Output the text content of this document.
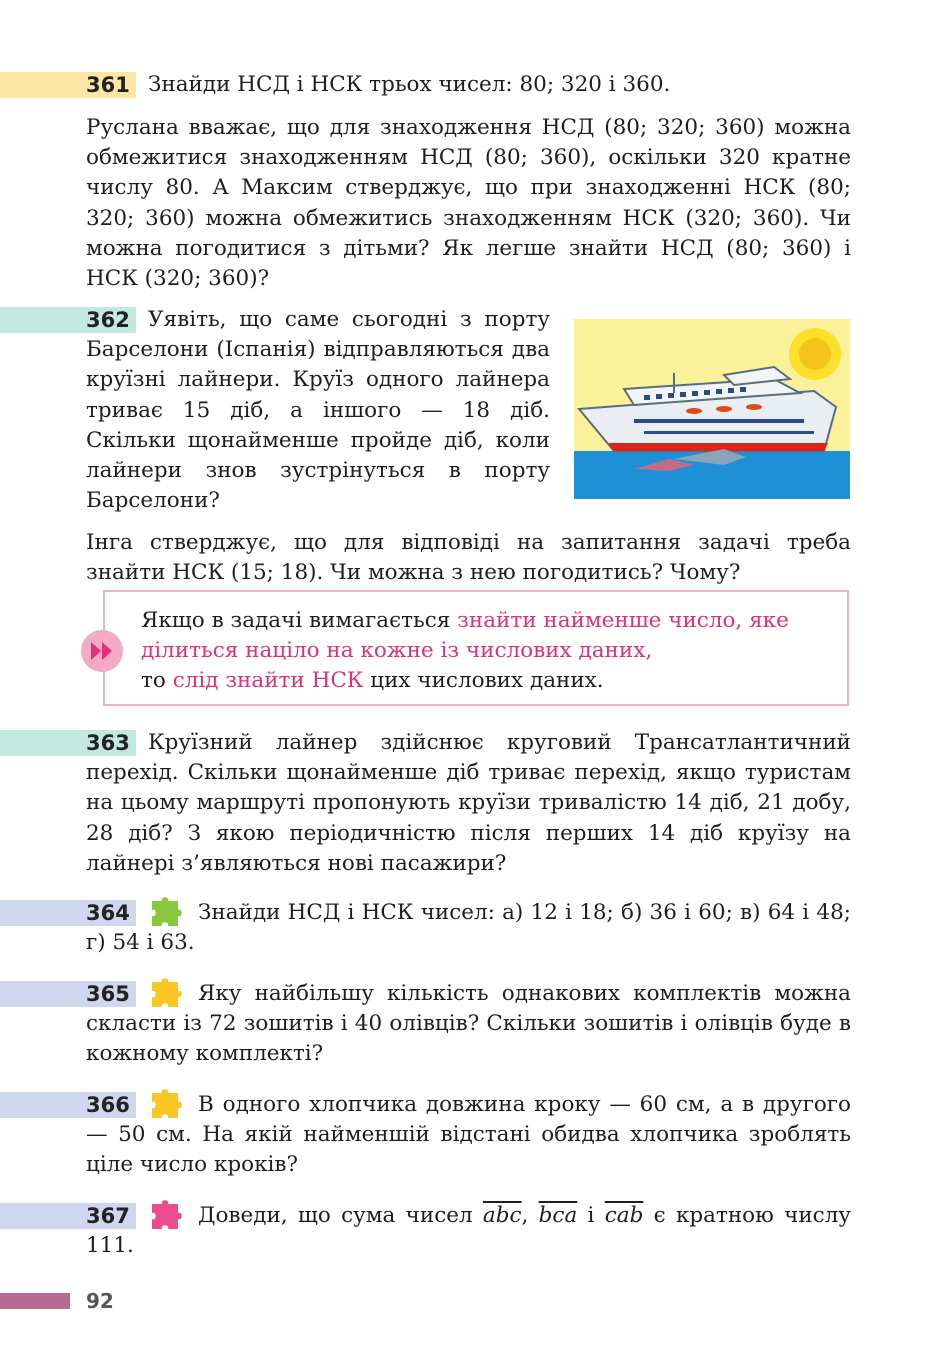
361 Знайди НСД і НСК трьох чисел: 80; 320 і 360.
Руслана вважає, що для знаходження НСД (80; 320; 360) можна обмежитися знаходженням НСД (80; 360), оскільки 320 кратне числу 80. А Максим стверджує, що при знаходженні НСК (80; 320; 360) можна обмежитись знаходженням НСК (320; 360). Чи можна погодитися з дітьми? Як легше знайти НСД (80; 360) і НСК (320; 360)?
362 Уявіть, що саме сьогодні з порту Барселони (Іспанія) відправляються два круїзні лайнери. Круїз одного лайнера триває 15 діб, а іншого — 18 діб. Скільки щонайменше пройде діб, коли лайнери знов зустрінуться в порту Барселони?
Інга стверджує, що для відповіді на запитання задачі треба знайти НСК (15; 18). Чи можна з нею погодитись? Чому?
Якщо в задачі вимагається знайти найменше число, яке ділиться націло на кожне із числових даних,
то слід знайти НСК цих числових даних.
363 Круїзний лайнер здійснює круговий Трансатлантичний перехід. Скільки щонайменше діб триває перехід, якщо туристам на цьому маршруті пропонують круїзи тривалістю 14 діб, 21 добу, 28 діб? З якою періодичністю після перших 14 діб круїзу на лайнері з’являються нові пасажири?
364	Знайди НСД і НСК чисел: а) 12 і 18; б) 36 і 60; в) 64 і 48; г) 54 і 63.
365	Яку найбільшу кількість однакових комплектів можна скласти із 72 зошитів і 40 олівців? Скільки зошитів і олівців буде в кожному комплекті?
366	В одного хлопчика довжина кроку — 60 см, а в другого — 50 см. На якій найменшій відстані обидва хлопчика зроблять ціле число кроків?
367	Доведи, що сума чисел $\overline{abc}$, $\overline{bca}$ і $\overline{cab}$ є кратною числу 111.
92
